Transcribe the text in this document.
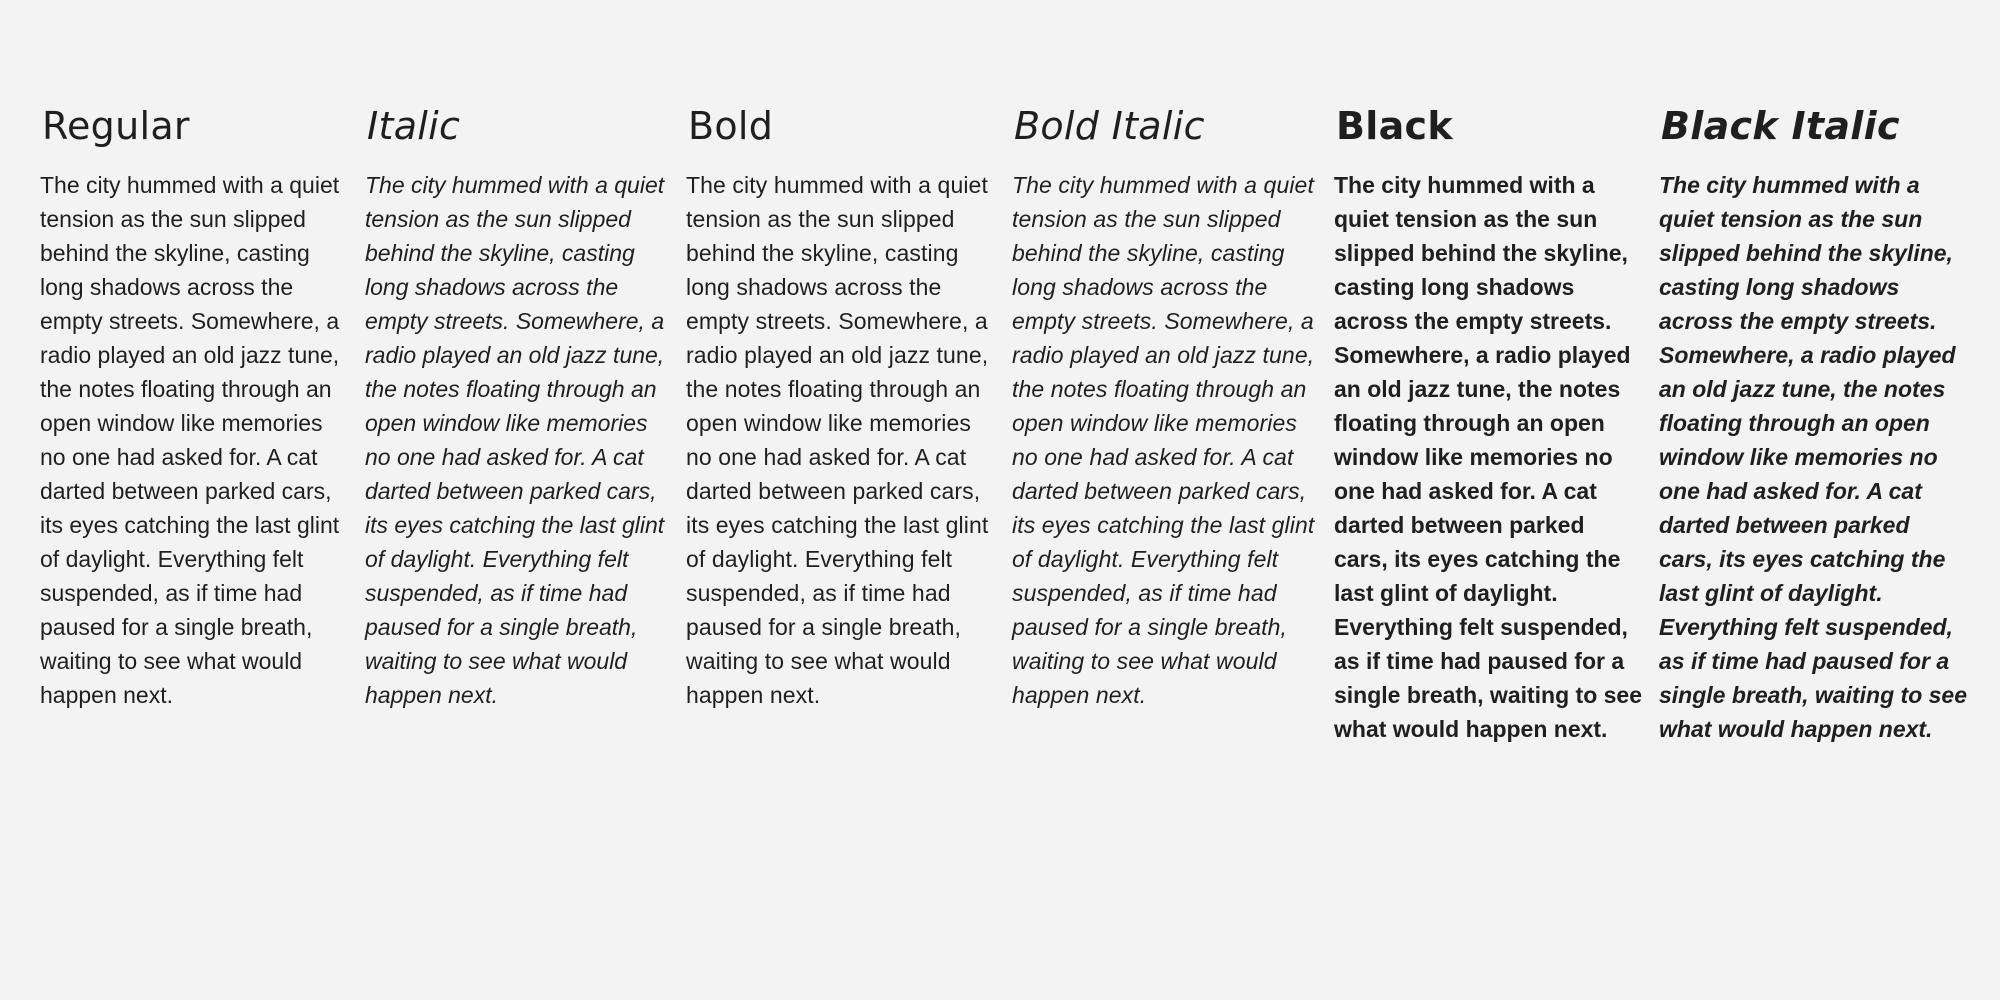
Regular

The city hummed with a quiet tension as the sun slipped behind the skyline, casting long shadows across the empty streets. Somewhere, a radio played an old jazz tune, the notes floating through an open window like memories no one had asked for. A cat darted between parked cars, its eyes catching the last glint of daylight. Everything felt suspended, as if time had paused for a single breath, waiting to see what would happen next.

Italic

The city hummed with a quiet tension as the sun slipped behind the skyline, casting long shadows across the empty streets. Somewhere, a radio played an old jazz tune, the notes floating through an open window like memories no one had asked for. A cat darted between parked cars, its eyes catching the last glint of daylight. Everything felt suspended, as if time had paused for a single breath, waiting to see what would happen next.

Bold

The city hummed with a quiet tension as the sun slipped behind the skyline, casting long shadows across the empty streets. Somewhere, a radio played an old jazz tune, the notes floating through an open window like memories no one had asked for. A cat darted between parked cars, its eyes catching the last glint of daylight. Everything felt suspended, as if time had paused for a single breath, waiting to see what would happen next.

Bold Italic

The city hummed with a quiet tension as the sun slipped behind the skyline, casting long shadows across the empty streets. Somewhere, a radio played an old jazz tune, the notes floating through an open window like memories no one had asked for. A cat darted between parked cars, its eyes catching the last glint of daylight. Everything felt suspended, as if time had paused for a single breath, waiting to see what would happen next.

Black

The city hummed with a quiet tension as the sun slipped behind the skyline, casting long shadows across the empty streets. Somewhere, a radio played an old jazz tune, the notes floating through an open window like memories no one had asked for. A cat darted between parked cars, its eyes catching the last glint of daylight. Everything felt suspended, as if time had paused for a single breath, waiting to see what would happen next.

Black Italic

The city hummed with a quiet tension as the sun slipped behind the skyline, casting long shadows across the empty streets. Somewhere, a radio played an old jazz tune, the notes floating through an open window like memories no one had asked for. A cat darted between parked cars, its eyes catching the last glint of daylight. Everything felt suspended, as if time had paused for a single breath, waiting to see what would happen next.
